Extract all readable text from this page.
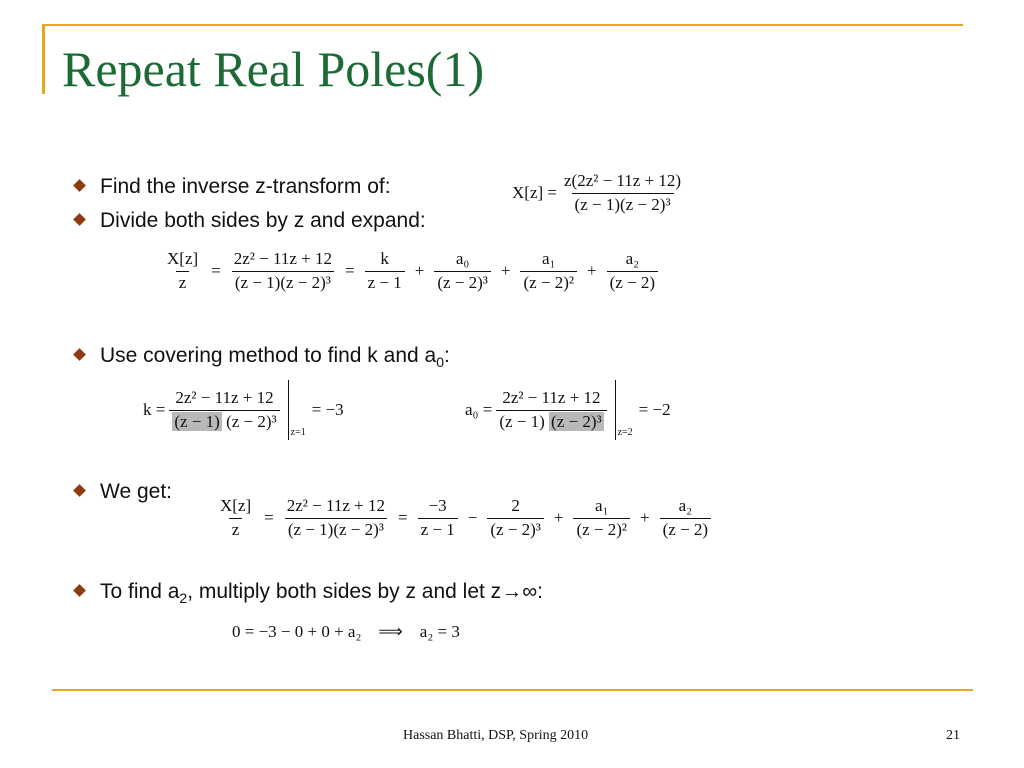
Repeat Real Poles(1)
Find the inverse z-transform of:	$X[z] = \frac{\text{z(2z² − 11z + 12)}}{\text{(z − 1)(z − 2)³}}$
Divide both sides by z and expand:
$\frac{X[z]}{z} = \frac{\text{2z² − 11z + 12}}{\text{(z − 1)(z − 2)³}} = \frac{k}{z - 1} + \frac{\text{a₀}}{\text{(z − 2)³}} + \frac{\text{a₁}}{\text{(z − 2)²}} + \frac{\text{a₂}}{(z - 2)}$
Use covering method to find k and $a_0$:
$k = \frac{\text{2z² − 11z + 12}}{\text{(z − 1) (z − 2)³}}$
z=1
= −3	$a_0 = \frac{\text{2z² − 11z + 12}}{\text{(z − 1) (z − 2)³}}$
z=2
= −2
We get:
$\frac{X[z]}{z} = \frac{\text{2z² − 11z + 12}}{\text{(z − 1)(z − 2)³}} = \frac{-3}{z - 1} - \frac{2}{\text{(z − 2)³}} + \frac{\text{a₁}}{\text{(z − 2)²}} + \frac{\text{a₂}}{(z - 2)}$
To find $a_2$, multiply both sides by z and let z→∞:
0 = −3 − 0 + 0 + a₂    ⟹    a₂ = 3
Hassan Bhatti, DSP, Spring 2010	21
